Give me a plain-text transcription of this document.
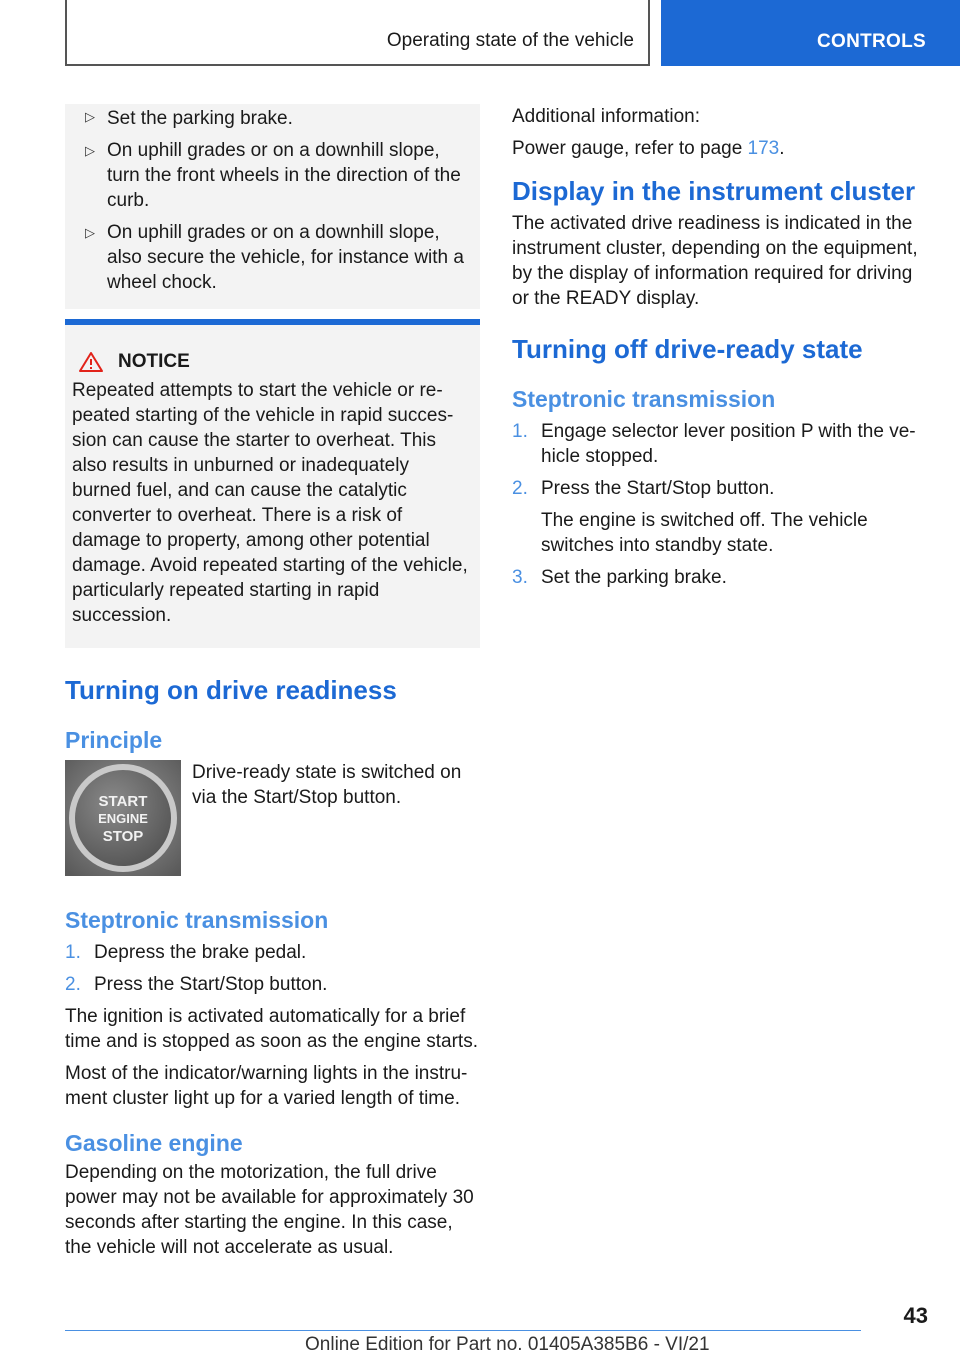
Operating state of the vehicle	CONTROLS
▷ Set the parking brake.
▷ On uphill grades or on a downhill slope, turn the front wheels in the direction of the curb.
▷ On uphill grades or on a downhill slope, also secure the vehicle, for instance with a wheel chock.
NOTICE
Repeated attempts to start the vehicle or re-peated starting of the vehicle in rapid succes-sion can cause the starter to overheat. This also results in unburned or inadequately burned fuel, and can cause the catalytic converter to overheat. There is a risk of damage to property, among other potential damage. Avoid repeated starting of the vehicle, particularly repeated starting in rapid succession.
Turning on drive readiness
Principle
START
ENGINE
STOP
Drive-ready state is switched on via the Start/Stop button.
Steptronic transmission
1. Depress the brake pedal.
2. Press the Start/Stop button.
The ignition is activated automatically for a brief time and is stopped as soon as the engine starts.
Most of the indicator/warning lights in the instru-ment cluster light up for a varied length of time.
Gasoline engine
Depending on the motorization, the full drive power may not be available for approximately 30 seconds after starting the engine. In this case, the vehicle will not accelerate as usual.
Additional information:
Power gauge, refer to page 173.
Display in the instrument cluster
The activated drive readiness is indicated in the instrument cluster, depending on the equipment, by the display of information required for driving or the READY display.
Turning off drive-ready state
Steptronic transmission
1. Engage selector lever position P with the ve-hicle stopped.
2. Press the Start/Stop button.
The engine is switched off. The vehicle switches into standby state.
3. Set the parking brake.
43
Online Edition for Part no. 01405A385B6 - VI/21
